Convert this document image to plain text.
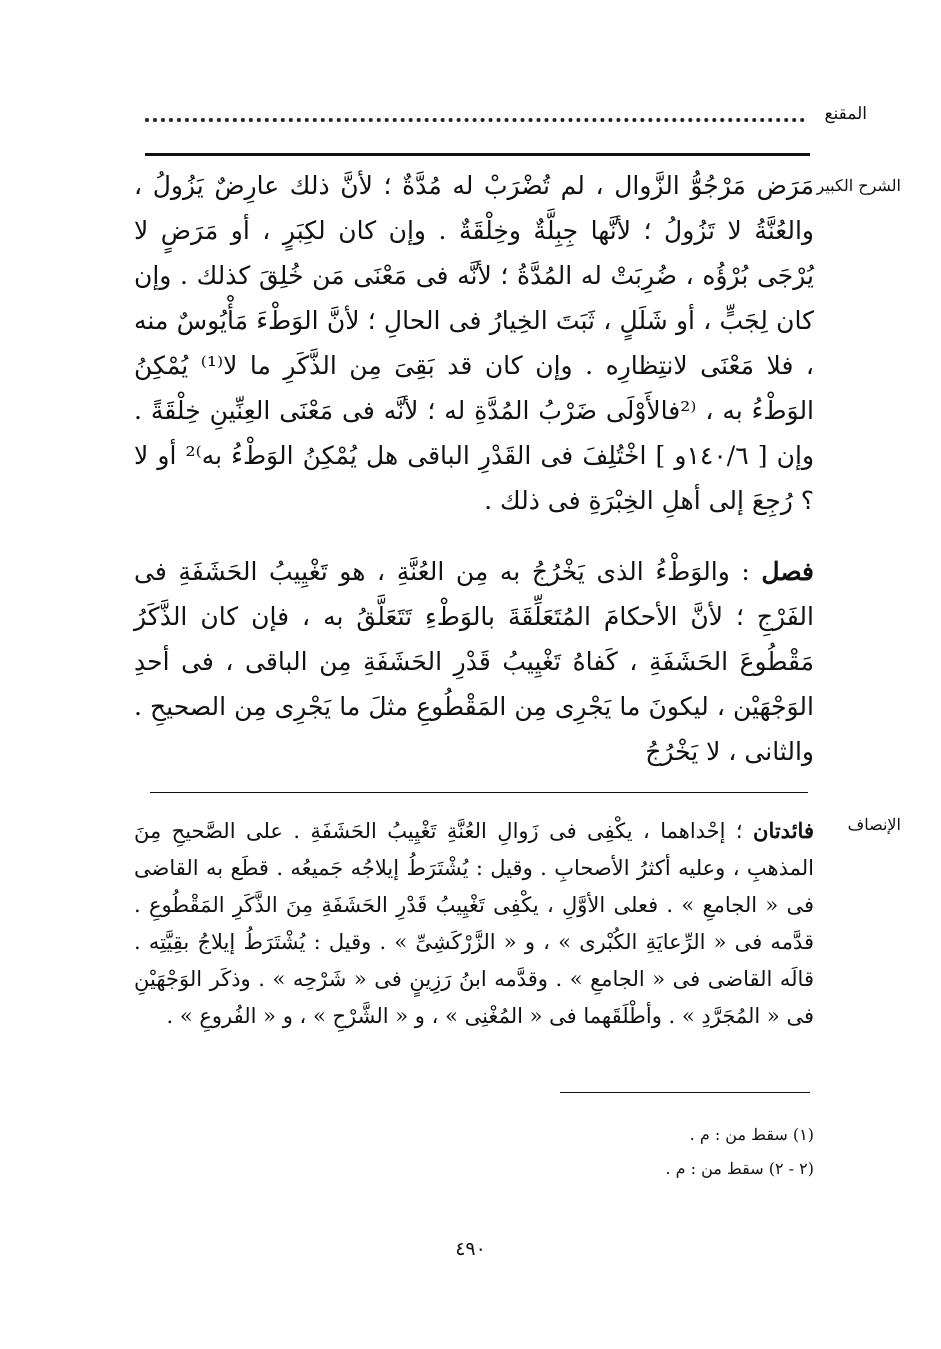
المقنع
الشرح الكبير
الإنصاف

مَرَض مَرْجُوُّ الزَّوال ، لم تُضْرَبْ له مُدَّةٌ ؛ لأنَّ ذلك عارِضٌ يَزُولُ ، والعُنَّةُ لا تَزُولُ ؛ لأنَّها جِبِلَّةٌ وخِلْقَةٌ . وإن كان لكِبَرٍ ، أو مَرَضٍ لا يُرْجَى بُرْؤُه ، ضُرِبَتْ له المُدَّةُ ؛ لأنَّه فى مَعْنَى مَن خُلِقَ كذلك . وإن كان لِجَبٍّ ، أو شَلَلٍ ، ثَبَتَ الخِيارُ فى الحالِ ؛ لأنَّ الوَطْءَ مَأْيُوسٌ منه ، فلا مَعْنَى لانتِظارِه . وإن كان قد بَقِىَ مِن الذَّكَرِ ما لا⁽¹⁾ يُمْكِنُ الوَطْءُ به ، ⁽²فالأَوْلَى ضَرْبُ المُدَّةِ له ؛ لأنَّه فى مَعْنَى العِنِّينِ خِلْقَةً . وإن [ ١٤٠/٦و ] اخْتُلِفَ فى القَدْرِ الباقى هل يُمْكِنُ الوَطْءُ به⁾² أو لا ؟ رُجِعَ إلى أهلِ الخِبْرَةِ فى ذلك .

فصل : والوَطْءُ الذى يَخْرُجُ به مِن العُنَّةِ ، هو تَغْيِيبُ الحَشَفَةِ فى الفَرْجِ ؛ لأنَّ الأحكامَ المُتَعَلِّقَةَ بالوَطْءِ تَتَعَلَّقُ به ، فإن كان الذَّكَرُ مَقْطُوعَ الحَشَفَةِ ، كَفاهُ تَغْيِيبُ قَدْرِ الحَشَفَةِ مِن الباقى ، فى أحدِ الوَجْهَيْن ، ليكونَ ما يَجْرِى مِن المَقْطُوعِ مثلَ ما يَجْرِى مِن الصحيحِ . والثانى ، لا يَخْرُجُ

فائدتان ؛ إحْداهما ، يكْفِى فى زَوالِ العُنَّةِ تَغْيِيبُ الحَشَفَةِ . على الصَّحيحِ مِنَ المذهبِ ، وعليه أكثرُ الأصحابِ . وقيل : يُشْتَرَطُ إيلاجُه جَميعُه . قطَع به القاضى فى « الجامعِ » . فعلى الأوَّلِ ، يكْفِى تَغْيِيبُ قَدْرِ الحَشَفَةِ مِنَ الذَّكَرِ المَقْطُوعِ . قدَّمه فى « الرِّعايَةِ الكُبْرى » ، و « الزَّرْكَشِىِّ » . وقيل : يُشْتَرَطُ إيلاجُ بقِيَّتِه . قالَه القاضى فى « الجامعِ » . وقدَّمه ابنُ رَزِينٍ فى « شَرْحِه » . وذكَر الوَجْهَيْنِ فى « المُجَرَّدِ » . وأطْلَقَهما فى « المُغْنِى » ، و « الشَّرْحِ » ، و « الفُروعِ » .
(١) سقط من : م .
(٢ - ٢) سقط من : م .
٤٩٠
